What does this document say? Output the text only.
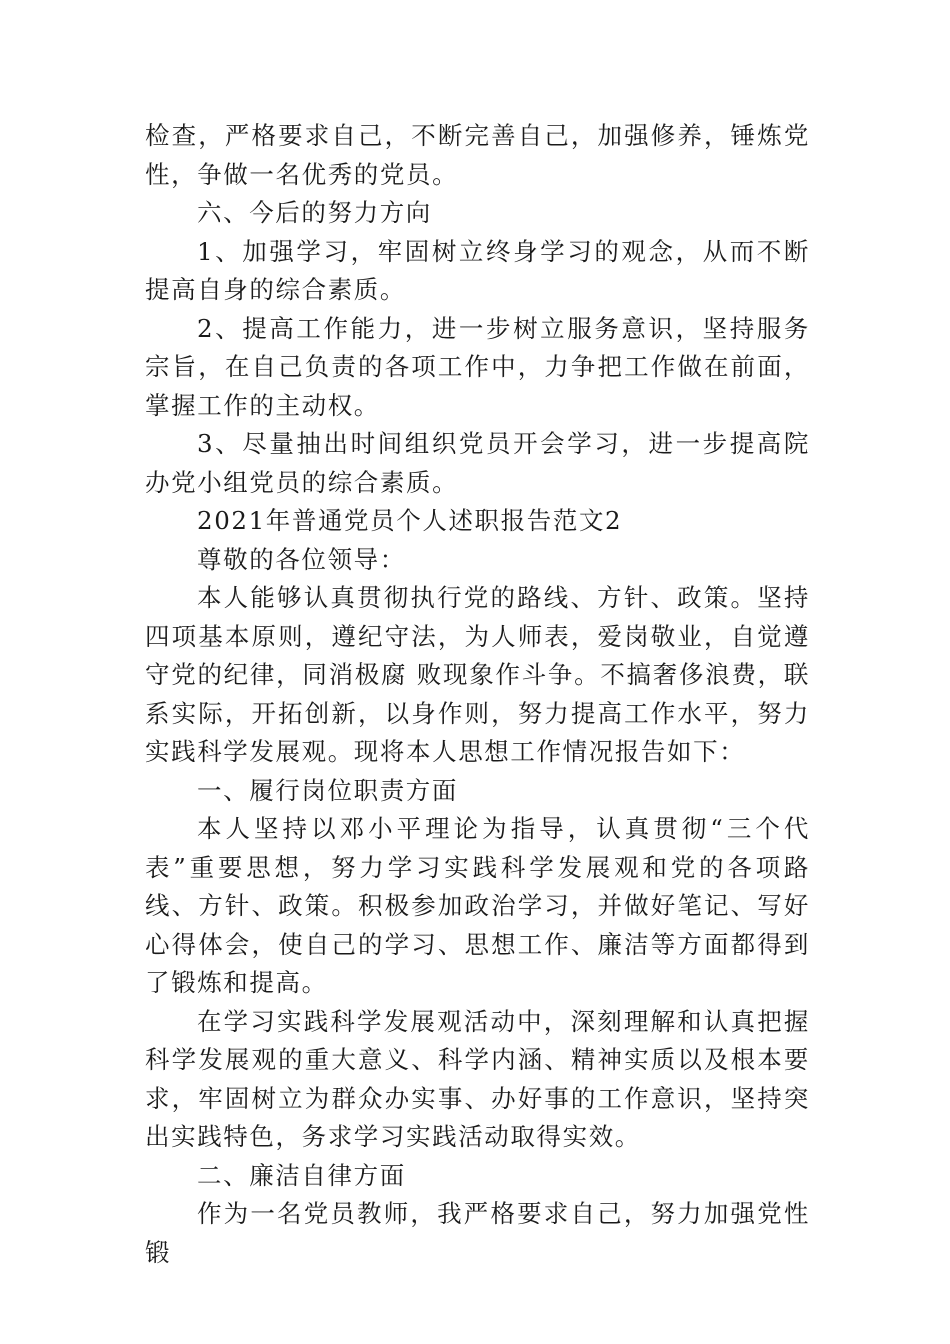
检查，严格要求自己，不断完善自己，加强修养，锤炼党性，争做一名优秀的党员。

六、今后的努力方向

1、加强学习，牢固树立终身学习的观念，从而不断提高自身的综合素质。

2、提高工作能力，进一步树立服务意识，坚持服务宗旨，在自己负责的各项工作中，力争把工作做在前面，掌握工作的主动权。

3、尽量抽出时间组织党员开会学习，进一步提高院办党小组党员的综合素质。

2021年普通党员个人述职报告范文2

尊敬的各位领导：

本人能够认真贯彻执行党的路线、方针、政策。坚持四项基本原则，遵纪守法，为人师表，爱岗敬业，自觉遵守党的纪律，同消极腐 败现象作斗争。不搞奢侈浪费，联系实际，开拓创新，以身作则，努力提高工作水平，努力实践科学发展观。现将本人思想工作情况报告如下：

一、履行岗位职责方面

本人坚持以邓小平理论为指导，认真贯彻“三个代表”重要思想，努力学习实践科学发展观和党的各项路线、方针、政策。积极参加政治学习，并做好笔记、写好心得体会，使自己的学习、思想工作、廉洁等方面都得到了锻炼和提高。

在学习实践科学发展观活动中，深刻理解和认真把握科学发展观的重大意义、科学内涵、精神实质以及根本要求，牢固树立为群众办实事、办好事的工作意识，坚持突出实践特色，务求学习实践活动取得实效。

二、廉洁自律方面

作为一名党员教师，我严格要求自己，努力加强党性锻
